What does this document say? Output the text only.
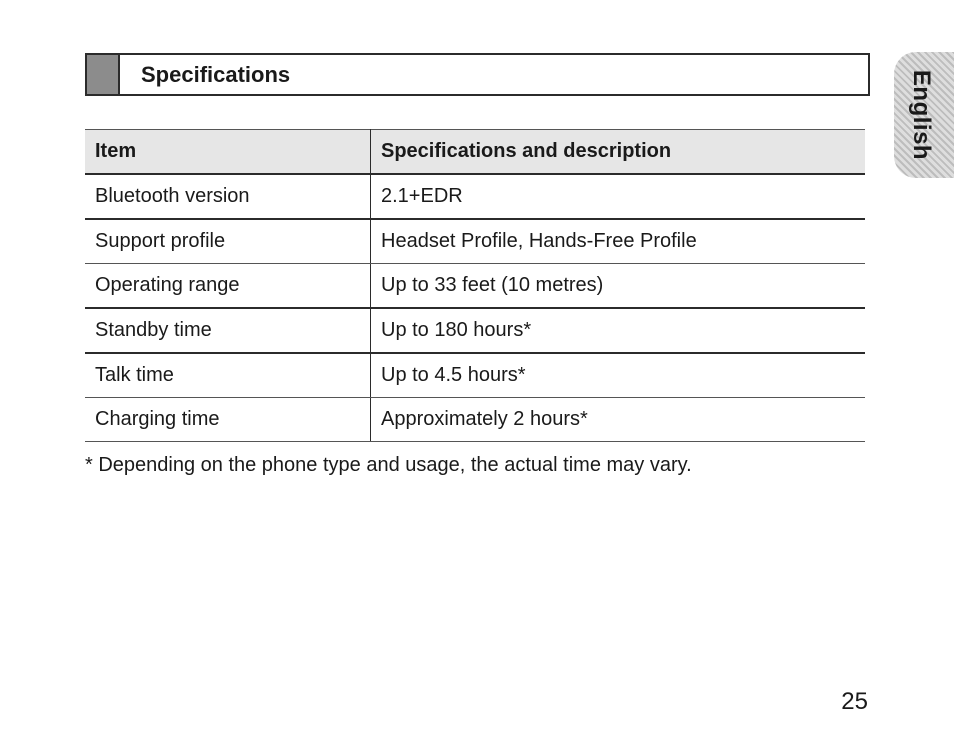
Specifications	English
Item	Specifications and description
Bluetooth version	2.1+EDR
Support profile	Headset Profile, Hands-Free Profile
Operating range	Up to 33 feet (10 metres)
Standby time	Up to 180 hours*
Talk time	Up to 4.5 hours*
Charging time	Approximately 2 hours*
* Depending on the phone type and usage, the actual time may vary.
25
